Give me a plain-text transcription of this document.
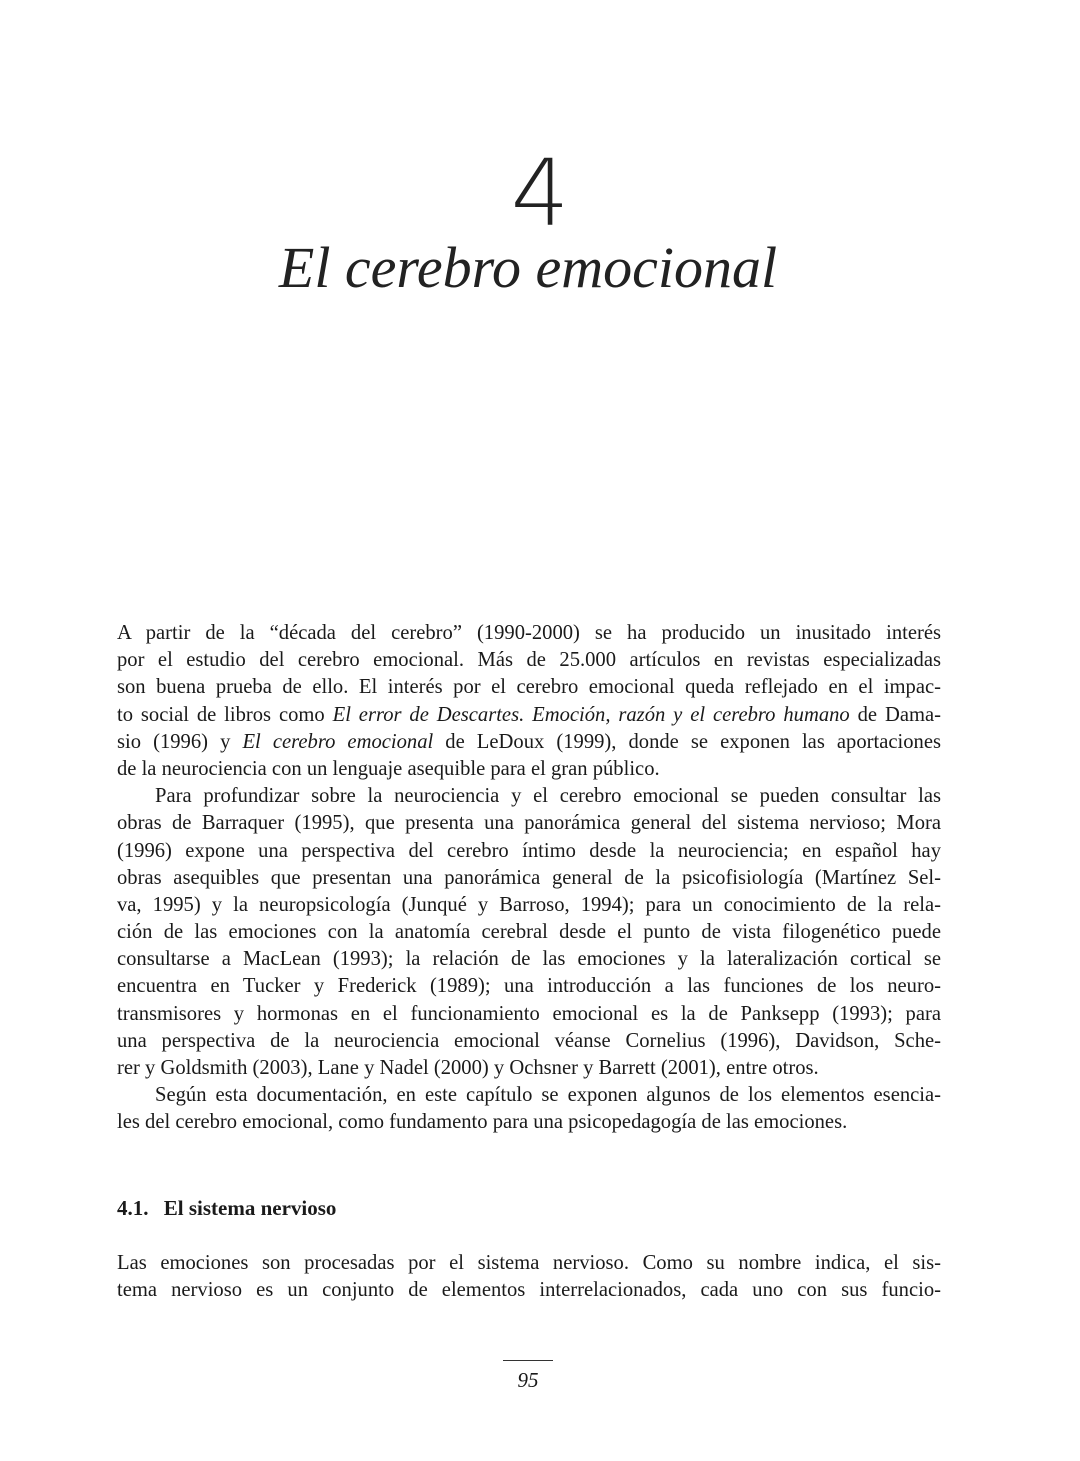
4
El cerebro emocional
A partir de la “década del cerebro” (1990-2000) se ha producido un inusitado interés
por el estudio del cerebro emocional. Más de 25.000 artículos en revistas especializadas
son buena prueba de ello. El interés por el cerebro emocional queda reflejado en el impac-
to social de libros como El error de Descartes. Emoción, razón y el cerebro humano de Dama-
sio (1996) y El cerebro emocional de LeDoux (1999), donde se exponen las aportaciones
de la neurociencia con un lenguaje asequible para el gran público.
Para profundizar sobre la neurociencia y el cerebro emocional se pueden consultar las
obras de Barraquer (1995), que presenta una panorámica general del sistema nervioso; Mora
(1996) expone una perspectiva del cerebro íntimo desde la neurociencia; en español hay
obras asequibles que presentan una panorámica general de la psicofisiología (Martínez Sel-
va, 1995) y la neuropsicología (Junqué y Barroso, 1994); para un conocimiento de la rela-
ción de las emociones con la anatomía cerebral desde el punto de vista filogenético puede
consultarse a MacLean (1993); la relación de las emociones y la lateralización cortical se
encuentra en Tucker y Frederick (1989); una introducción a las funciones de los neuro-
transmisores y hormonas en el funcionamiento emocional es la de Panksepp (1993); para
una perspectiva de la neurociencia emocional véanse Cornelius (1996), Davidson, Sche-
rer y Goldsmith (2003), Lane y Nadel (2000) y Ochsner y Barrett (2001), entre otros.
Según esta documentación, en este capítulo se exponen algunos de los elementos esencia-
les del cerebro emocional, como fundamento para una psicopedagogía de las emociones.
4.1. El sistema nervioso
Las emociones son procesadas por el sistema nervioso. Como su nombre indica, el sis-
tema nervioso es un conjunto de elementos interrelacionados, cada uno con sus funcio-
95
